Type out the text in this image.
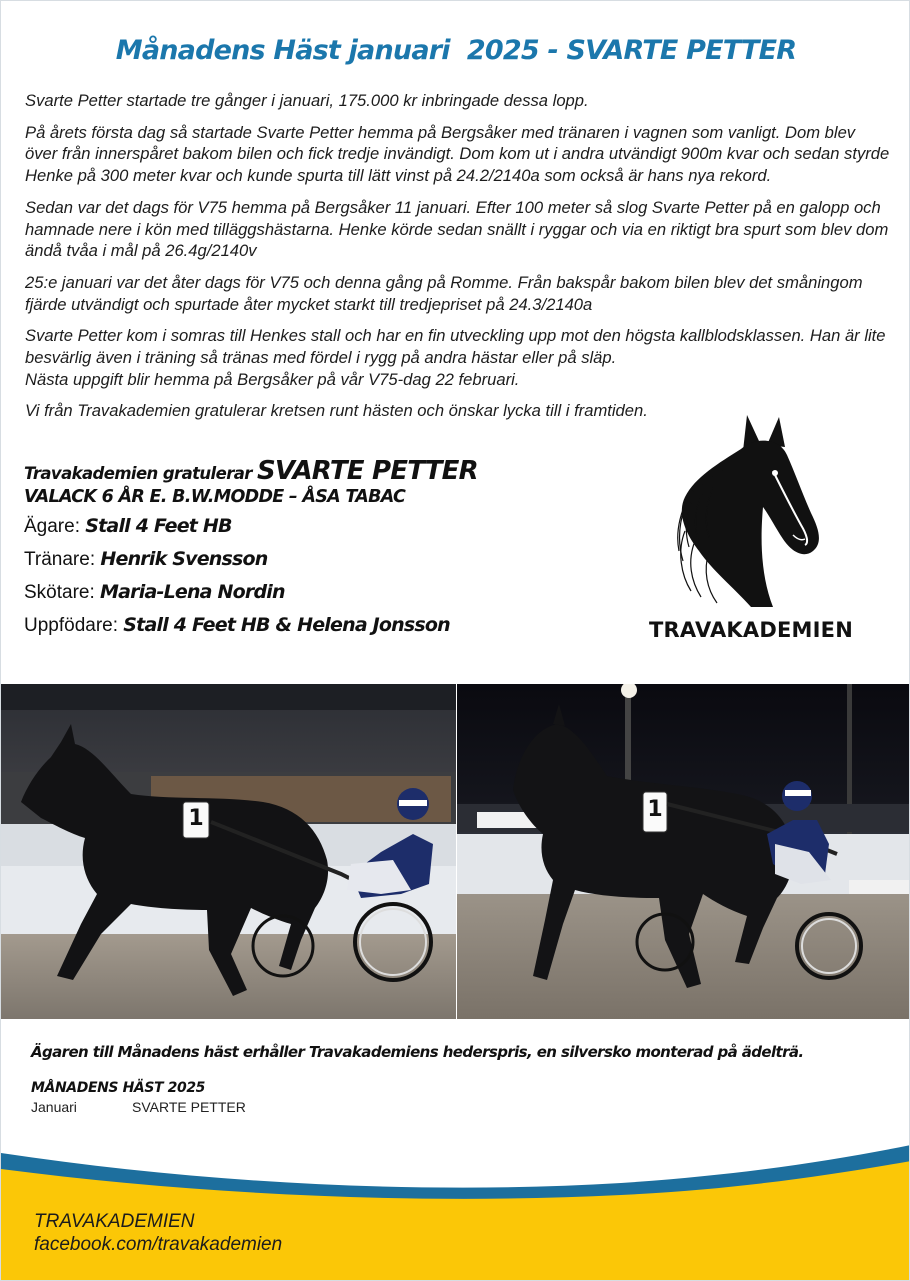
Månadens Häst januari  2025 - SVARTE PETTER

Svarte Petter startade tre gånger i januari, 175.000 kr inbringade dessa lopp.

På årets första dag så startade Svarte Petter hemma på Bergsåker med tränaren i vagnen som vanligt. Dom blev över från innerspåret bakom bilen och fick tredje invändigt. Dom kom ut i andra utvändigt 900m kvar och sedan styrde Henke på 300 meter kvar och kunde spurta till lätt vinst på 24.2/2140a som också är hans nya rekord.

Sedan var det dags för V75 hemma på Bergsåker 11 januari. Efter 100 meter så slog Svarte Petter på en galopp och hamnade nere i kön med tilläggshästarna. Henke körde sedan snällt i ryggar och via en riktigt bra spurt som blev dom ändå tvåa i mål på 26.4g/2140v

25:e januari var det åter dags för V75 och denna gång på Romme. Från bakspår bakom bilen blev det småningom fjärde utvändigt och spurtade åter mycket starkt till tredjepriset på 24.3/2140a

Svarte Petter kom i somras till Henkes stall och har en fin utveckling upp mot den högsta kallblodsklassen. Han är lite besvärlig även i träning så tränas med fördel i rygg på andra hästar eller på släp.

Nästa uppgift blir hemma på Bergsåker på vår V75-dag 22 februari.

Vi från Travakademien gratulerar kretsen runt hästen och önskar lycka till i framtiden.

Travakademien gratulerar SVARTE PETTER
VALACK 6 ÅR E. B.W.MODDE – ÅSA TABAC
Ägare: Stall 4 Feet HB
Tränare: Henrik Svensson
Skötare: Maria-Lena Nordin
Uppfödare: Stall 4 Feet HB & Helena Jonsson	TRAVAKADEMIEN
1	1
Ägaren till Månadens häst erhåller Travakademiens hederspris, en silversko monterad på ädelträ.
MÅNADENS HÄST 2025
Januari	SVARTE PETTER
TRAVAKADEMIEN
facebook.com/travakademien
